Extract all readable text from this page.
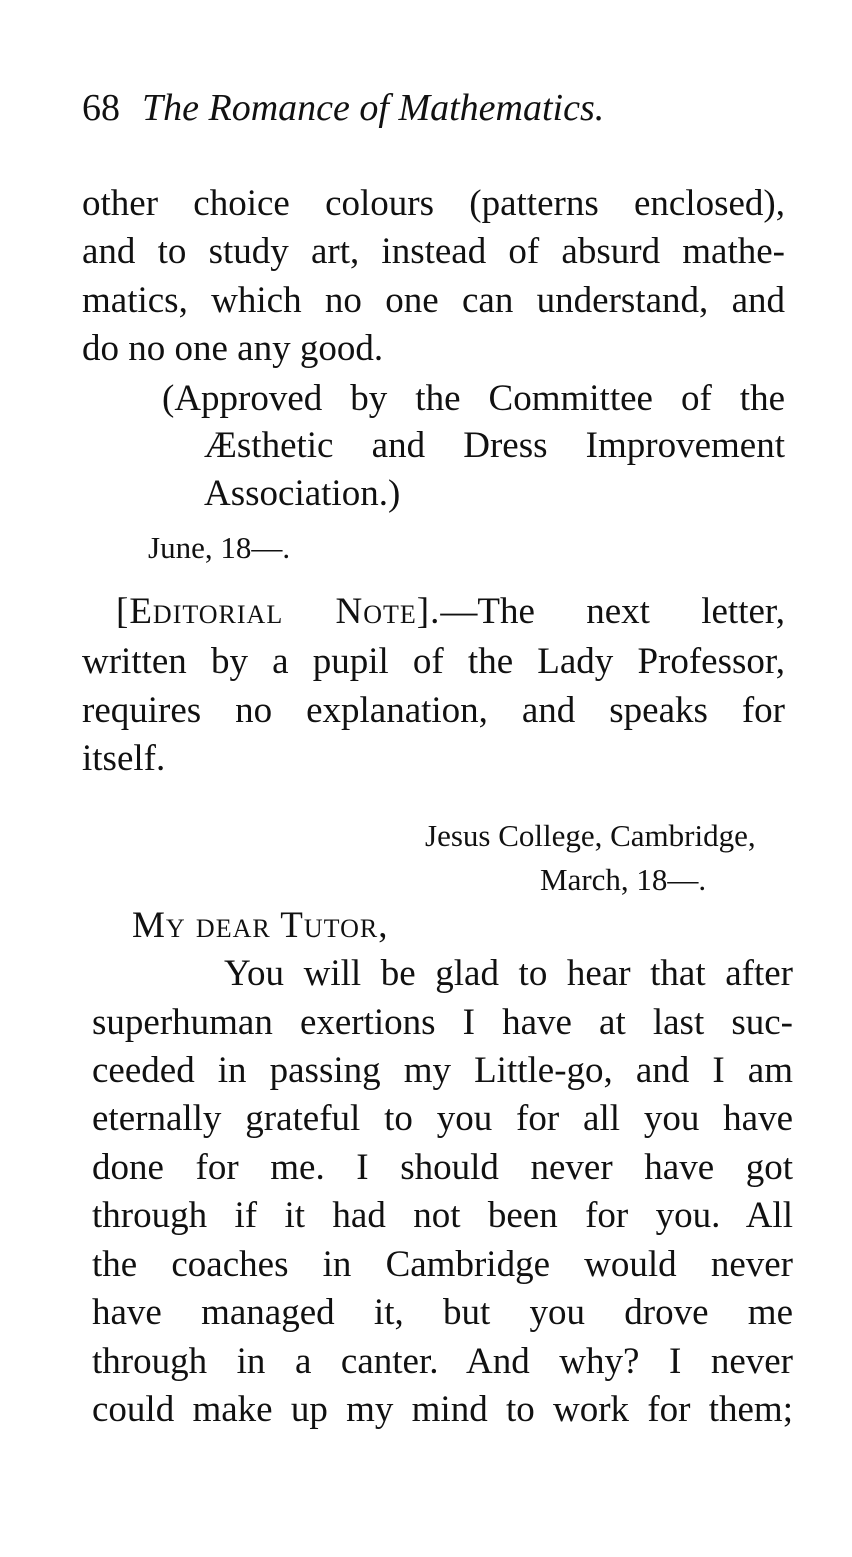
68 The Romance of Mathematics.
other choice colours (patterns enclosed),
and to study art, instead of absurd mathe-
matics, which no one can understand, and
do no one any good.
(Approved by the Committee of the
Æsthetic and Dress Improvement
Association.)
June, 18—.
[Editorial Note].—The next letter,
written by a pupil of the Lady Professor,
requires no explanation, and speaks for
itself.
Jesus College, Cambridge,
March, 18—.
My dear Tutor,
You will be glad to hear that after
superhuman exertions I have at last suc-
ceeded in passing my Little-go, and I am
eternally grateful to you for all you have
done for me. I should never have got
through if it had not been for you. All
the coaches in Cambridge would never
have managed it, but you drove me
through in a canter. And why? I never
could make up my mind to work for them;
